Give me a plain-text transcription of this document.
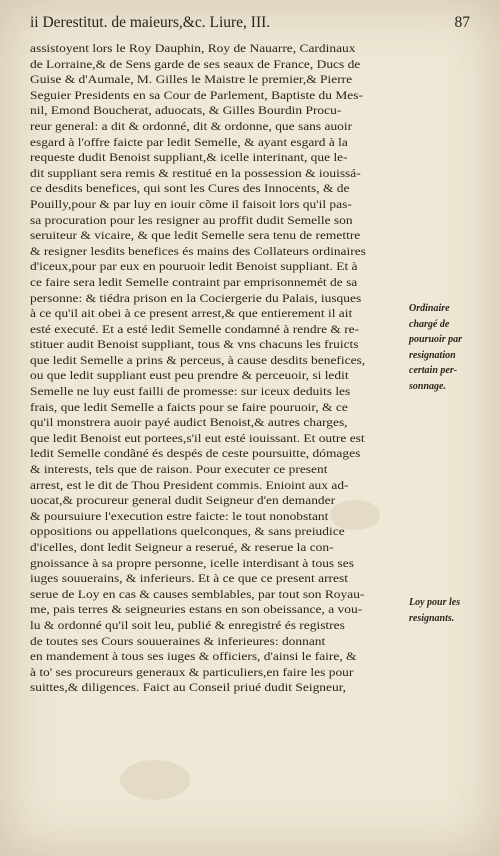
ii Derestitut. de maieurs,&c. Liure, III.	87
assistoyent lors le Roy Dauphin, Roy de Nauarre, Cardinaux
de Lorraine,& de Sens garde de ses seaux de France, Ducs de
Guise & d'Aumale, M. Gilles le Maistre le premier,& Pierre
Seguier Presidents en sa Cour de Parlement, Baptiste du Mes-
nil, Emond Boucherat, aduocats, & Gilles Bourdin Procu-
reur general: a dit & ordonné, dit & ordonne, que sans auoir
esgard à l'offre faicte par ledit Semelle, & ayant esgard à la
requeste dudit Benoist suppliant,& icelle interinant, que le-
dit suppliant sera remis & restitué en la possession & iouissá-
ce desdits benefices, qui sont les Cures des Innocents, & de
Pouilly,pour & par luy en iouir cõme il faisoit lors qu'il pas-
sa procuration pour les resigner au proffit dudit Semelle son
seruiteur & vicaire, & que ledit Semelle sera tenu de remettre
& resigner lesdits benefices és mains des Collateurs ordinaires
d'iceux,pour par eux en pouruoir ledit Benoist suppliant. Et à
ce faire sera ledit Semelle contraint par emprisonnemét de sa
personne: & tiédra prison en la Cociergerie du Palais, iusques
à ce qu'il ait obei à ce present arrest,& que entierement il ait
esté executé. Et a esté ledit Semelle condamné à rendre & re-
stituer audit Benoist suppliant, tous & vns chacuns les fruicts
que ledit Semelle a prins & perceus, à cause desdits benefices,
ou que ledit suppliant eust peu prendre & perceuoir, si ledit
Semelle ne luy eust failli de promesse: sur iceux deduits les
frais, que ledit Semelle a faicts pour se faire pouruoir, & ce
qu'il monstrera auoir payé audict Benoist,& autres charges,
que ledit Benoist eut portees,s'il eut esté iouissant. Et outre est
ledit Semelle condãné és despés de ceste poursuitte, dómages
& interests, tels que de raison. Pour executer ce present
arrest, est le dit de Thou President commis. Enioint aux ad-
uocat,& procureur general dudit Seigneur d'en demander
& poursuiure l'execution estre faicte: le tout nonobstant
oppositions ou appellations quelconques, & sans preiudice
d'icelles, dont ledit Seigneur a reserué, & reserue la con-
gnoissance à sa propre personne, icelle interdisant à tous ses
iuges souuerains, & inferieurs. Et à ce que ce present arrest
serue de Loy en cas & causes semblables, par tout son Royau-
me, pais terres & seigneuries estans en son obeissance, a vou-
lu & ordonné qu'il soit leu, publié & enregistré és registres
de toutes ses Cours souueraines & inferieures: donnant
en mandement à tous ses iuges & officiers, d'ainsi le faire, &
à to' ses procureurs generaux & particuliers,en faire les pour
suittes,& diligences. Faict au Conseil priué dudit Seigneur,
Ordinaire
chargé de
pouruoir par
resignation
certain per-
sonnage.
Loy pour les
resignants.
